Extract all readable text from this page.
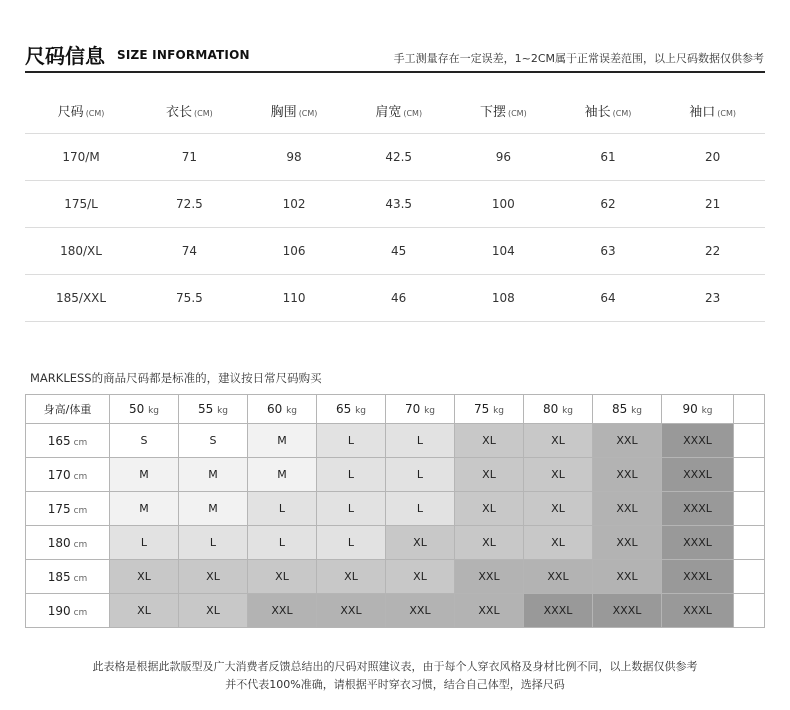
尺码信息 SIZE INFORMATION	手工测量存在一定误差，1~2CM属于正常误差范围，以上尺码数据仅供参考
尺码 (CM)	衣长 (CM)	胸围 (CM)	肩宽 (CM)	下摆 (CM)	袖长 (CM)	袖口 (CM)
170/M	71	98	42.5	96	61	20
175/L	72.5	102	43.5	100	62	21
180/XL	74	106	45	104	63	22
185/XXL	75.5	110	46	108	64	23
MARKLESS的商品尺码都是标准的，建议按日常尺码购买
身高/体重	50 kg	55 kg	60 kg	65 kg	70 kg	75 kg	80 kg	85 kg	90 kg	
165 cm	S	S	M	L	L	XL	XL	XXL	XXXL	
170 cm	M	M	M	L	L	XL	XL	XXL	XXXL	
175 cm	M	M	L	L	L	XL	XL	XXL	XXXL	
180 cm	L	L	L	L	XL	XL	XL	XXL	XXXL	
185 cm	XL	XL	XL	XL	XL	XXL	XXL	XXL	XXXL	
190 cm	XL	XL	XXL	XXL	XXL	XXL	XXXL	XXXL	XXXL	
此表格是根据此款版型及广大消费者反馈总结出的尺码对照建议表，由于每个人穿衣风格及身材比例不同，以上数据仅供参考
并不代表100%准确，请根据平时穿衣习惯，结合自己体型，选择尺码
